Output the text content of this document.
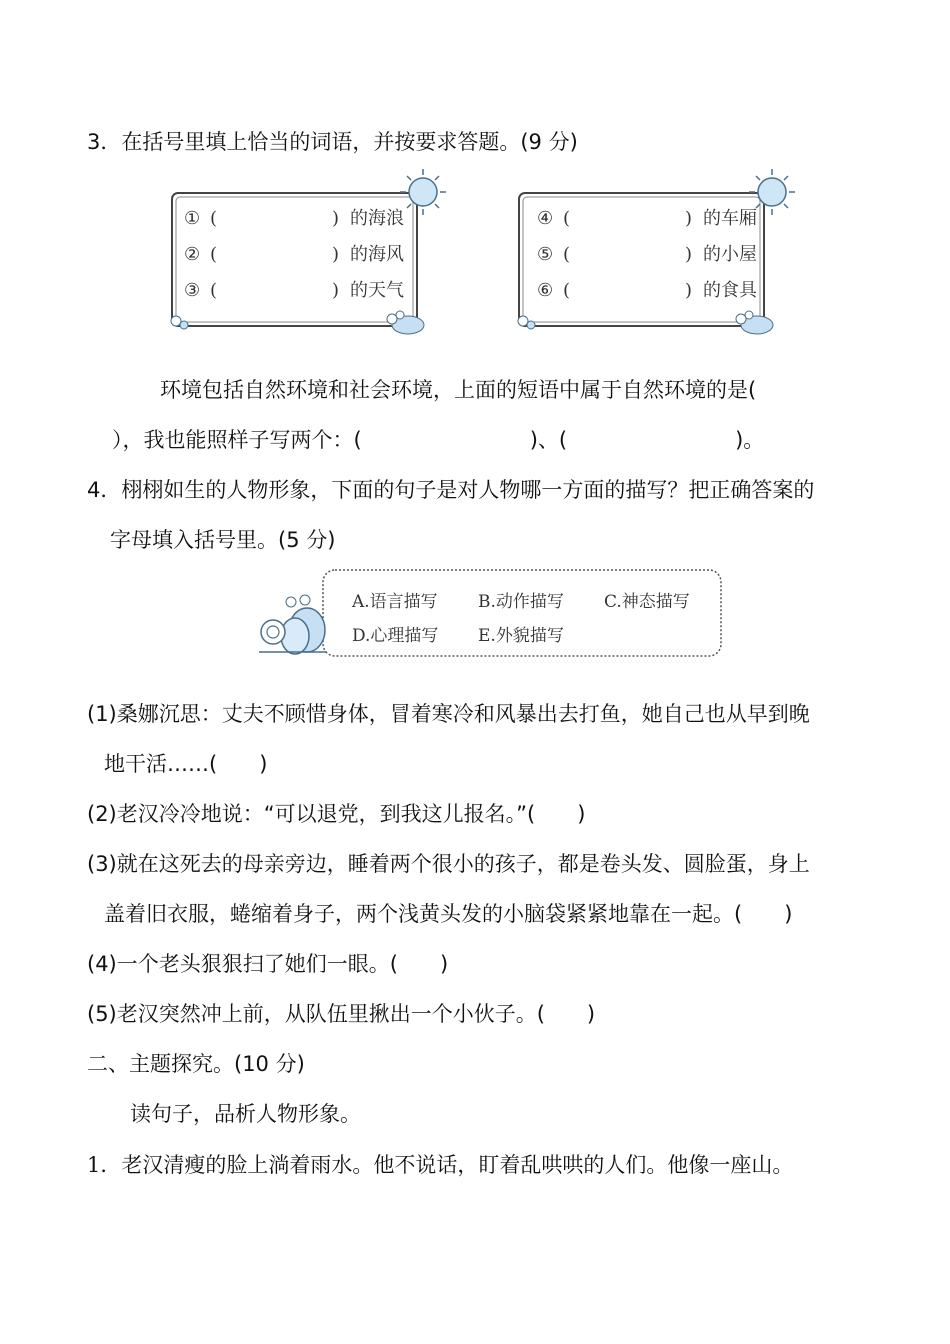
3．在括号里填上恰当的词语，并按要求答题。(9 分)
① (	) 的海浪
② (	) 的海风
③ (	) 的天气
④ (	) 的车厢
⑤ (	) 的小屋
⑥ (	) 的食具
环境包括自然环境和社会环境，上面的短语中属于自然环境的是(
），我也能照样子写两个：(　　　　　　　　)、(　　　　　　　　)。
4．栩栩如生的人物形象，下面的句子是对人物哪一方面的描写？把正确答案的
字母填入括号里。(5 分)
A.语言描写 B.动作描写 C.神态描写
D.心理描写 E.外貌描写
(1)桑娜沉思：丈夫不顾惜身体，冒着寒冷和风暴出去打鱼，她自己也从早到晚
地干活……(　　)
(2)老汉冷冷地说：“可以退党，到我这儿报名。”(　　)
(3)就在这死去的母亲旁边，睡着两个很小的孩子，都是卷头发、圆脸蛋，身上
盖着旧衣服，蜷缩着身子，两个浅黄头发的小脑袋紧紧地靠在一起。(　　)
(4)一个老头狠狠扫了她们一眼。(　　)
(5)老汉突然冲上前，从队伍里揪出一个小伙子。(　　)
二、主题探究。(10 分)
读句子，品析人物形象。
1．老汉清瘦的脸上淌着雨水。他不说话，盯着乱哄哄的人们。他像一座山。
